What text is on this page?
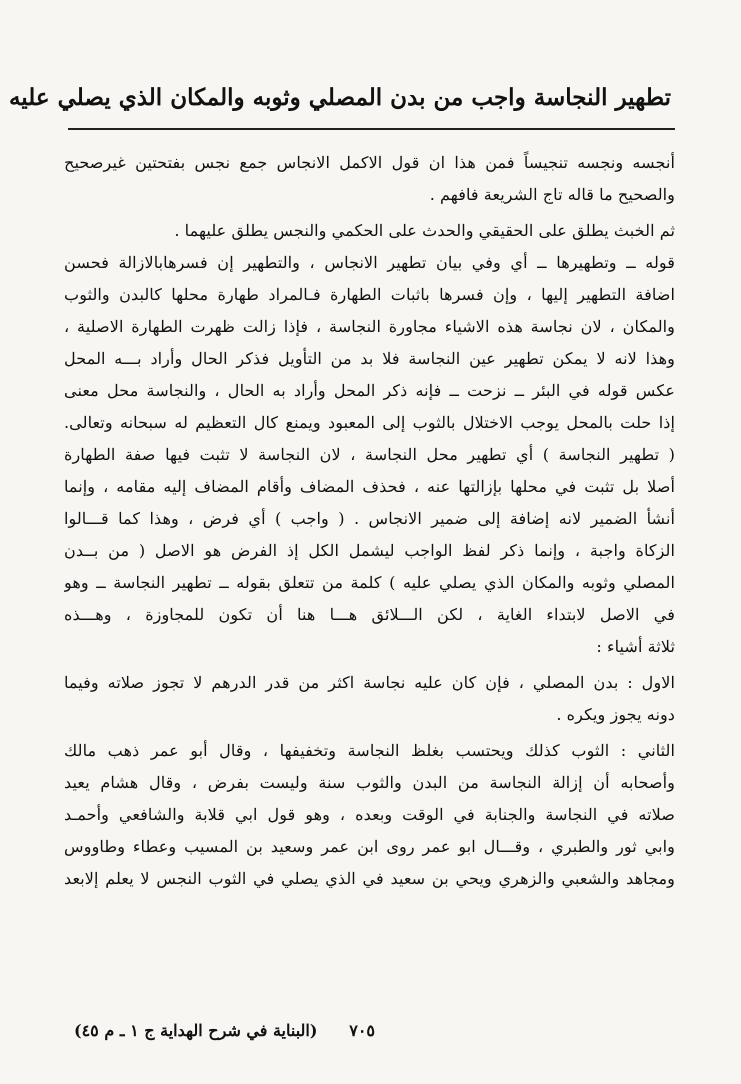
تطهير النجاسة واجب من بدن المصلي وثوبه والمكان الذي يصلي عليه
أنجسه ونجسه تنجيساً فمن هذا ان قول الاكمل الانجاس جمع نجس بفتحتين غيرصحيح
والصحيح ما قاله تاج الشريعة فافهم .
ثم الخبث يطلق على الحقيقي والحدث على الحكمي والنجس يطلق عليهما .
قوله ــ وتطهيرها ــ أي وفي بيان تطهير الانجاس ، والتطهير إن فسرهابالازالة فحسن
اضافة التطهير إليها ، وإن فسرها باثبات الطهارة فـالمراد طهارة محلها كالبدن والثوب
والمكان ، لان نجاسة هذه الاشياء مجاورة النجاسة ، فإذا زالت ظهرت الطهارة الاصلية ،
وهذا لانه لا يمكن تطهير عين النجاسة فلا بد من التأويل فذكر الحال وأراد بـــه المحل
عكس قوله في البئر ــ نزحت ــ فإنه ذكر المحل وأراد به الحال ، والنجاسة محل معنى
إذا حلت بالمحل يوجب الاختلال بالثوب إلى المعبود ويمنع كال التعظيم له سبحانه وتعالى.
( تطهير النجاسة ) أي تطهير محل النجاسة ، لان النجاسة لا تثبت فيها صفة الطهارة
أصلا بل تثبت في محلها بإزالتها عنه ، فحذف المضاف وأقام المضاف إليه مقامه ، وإنما
أنشأ الضمير لانه إضافة إلى ضمير الانجاس . ( واجب ) أي فرض ، وهذا كما قـــالوا
الزكاة واجبة ، وإنما ذكر لفظ الواجب ليشمل الكل إذ الفرض هو الاصل ( من بــدن
المصلي وثوبه والمكان الذي يصلي عليه ) كلمة من تتعلق بقوله ــ تطهير النجاسة ــ وهو
في الاصل لابتداء الغاية ، لكن الـــلائق هـــا هنا أن تكون للمجاوزة ، وهـــذه
ثلاثة أشياء :
الاول : بدن المصلي ، فإن كان عليه نجاسة اكثر من قدر الدرهم لا تجوز صلاته وفيما
دونه يجوز ويكره .
الثاني : الثوب كذلك ويحتسب بغلظ النجاسة وتخفيفها ، وقال أبو عمر ذهب مالك
وأصحابه أن إزالة النجاسة من البدن والثوب سنة وليست بفرض ، وقال هشام يعيد
صلاته في النجاسة والجنابة في الوقت وبعده ، وهو قول ابي قلابة والشافعي وأحمـد
وابي ثور والطبري ، وقـــال ابو عمر روى ابن عمر وسعيد بن المسيب وعطاء وطاووس
ومجاهد والشعبي والزهري ويحي بن سعيد في الذي يصلي في الثوب النجس لا يعلم إلابعد
٧٠٥
(البناية في شرح الهداية ج ١ ـ م ٤٥)
